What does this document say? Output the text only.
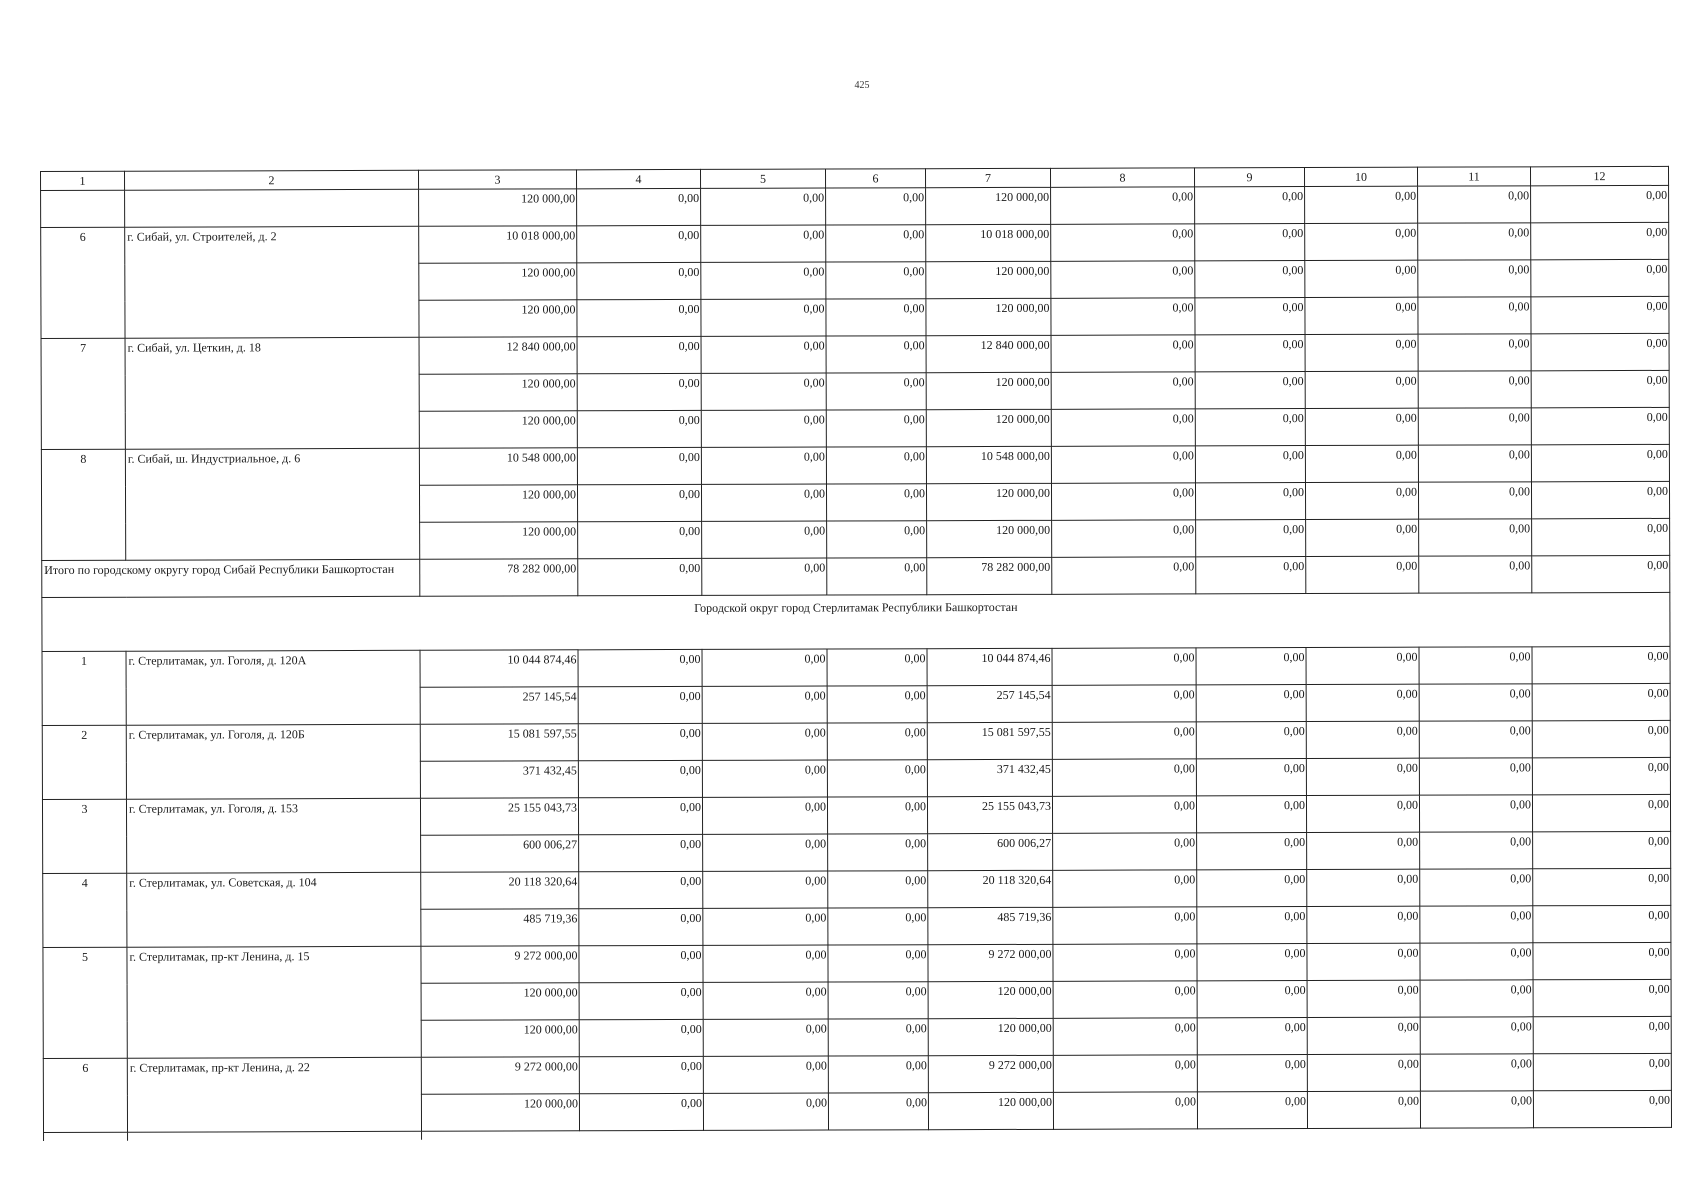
425
1	2	3	4	5	6	7	8	9	10	11	12
		120 000,00	0,00	0,00	0,00	120 000,00	0,00	0,00	0,00	0,00	0,00
6	г. Сибай, ул. Строителей, д. 2	10 018 000,00	0,00	0,00	0,00	10 018 000,00	0,00	0,00	0,00	0,00	0,00
		120 000,00	0,00	0,00	0,00	120 000,00	0,00	0,00	0,00	0,00	0,00
		120 000,00	0,00	0,00	0,00	120 000,00	0,00	0,00	0,00	0,00	0,00
7	г. Сибай, ул. Цеткин, д. 18	12 840 000,00	0,00	0,00	0,00	12 840 000,00	0,00	0,00	0,00	0,00	0,00
		120 000,00	0,00	0,00	0,00	120 000,00	0,00	0,00	0,00	0,00	0,00
		120 000,00	0,00	0,00	0,00	120 000,00	0,00	0,00	0,00	0,00	0,00
8	г. Сибай, ш. Индустриальное, д. 6	10 548 000,00	0,00	0,00	0,00	10 548 000,00	0,00	0,00	0,00	0,00	0,00
		120 000,00	0,00	0,00	0,00	120 000,00	0,00	0,00	0,00	0,00	0,00
		120 000,00	0,00	0,00	0,00	120 000,00	0,00	0,00	0,00	0,00	0,00
Итого по городскому округу город Сибай Республики Башкортостан		78 282 000,00	0,00	0,00	0,00	78 282 000,00	0,00	0,00	0,00	0,00	0,00
Городской округ город Стерлитамак Республики Башкортостан											
1	г. Стерлитамак, ул. Гоголя, д. 120А	10 044 874,46	0,00	0,00	0,00	10 044 874,46	0,00	0,00	0,00	0,00	0,00
		257 145,54	0,00	0,00	0,00	257 145,54	0,00	0,00	0,00	0,00	0,00
2	г. Стерлитамак, ул. Гоголя, д. 120Б	15 081 597,55	0,00	0,00	0,00	15 081 597,55	0,00	0,00	0,00	0,00	0,00
		371 432,45	0,00	0,00	0,00	371 432,45	0,00	0,00	0,00	0,00	0,00
3	г. Стерлитамак, ул. Гоголя, д. 153	25 155 043,73	0,00	0,00	0,00	25 155 043,73	0,00	0,00	0,00	0,00	0,00
		600 006,27	0,00	0,00	0,00	600 006,27	0,00	0,00	0,00	0,00	0,00
4	г. Стерлитамак, ул. Советская, д. 104	20 118 320,64	0,00	0,00	0,00	20 118 320,64	0,00	0,00	0,00	0,00	0,00
		485 719,36	0,00	0,00	0,00	485 719,36	0,00	0,00	0,00	0,00	0,00
5	г. Стерлитамак, пр-кт Ленина, д. 15	9 272 000,00	0,00	0,00	0,00	9 272 000,00	0,00	0,00	0,00	0,00	0,00
		120 000,00	0,00	0,00	0,00	120 000,00	0,00	0,00	0,00	0,00	0,00
		120 000,00	0,00	0,00	0,00	120 000,00	0,00	0,00	0,00	0,00	0,00
6	г. Стерлитамак, пр-кт Ленина, д. 22	9 272 000,00	0,00	0,00	0,00	9 272 000,00	0,00	0,00	0,00	0,00	0,00
		120 000,00	0,00	0,00	0,00	120 000,00	0,00	0,00	0,00	0,00	0,00
